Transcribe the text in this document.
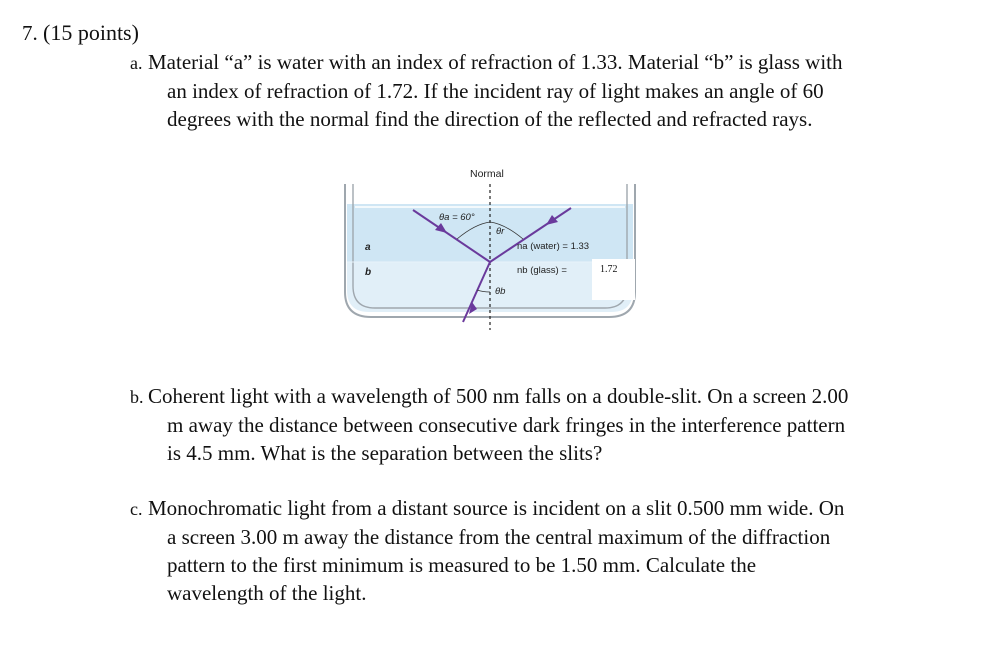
7. (15 points)
a. Material “a” is water with an index of refraction of 1.33. Material “b” is glass with
an index of refraction of 1.72. If the incident ray of light makes an angle of 60
degrees with the normal find the direction of the reflected and refracted rays.
Normal
θa = 60°
θr
θb
a
b
na (water) = 1.33
nb (glass) =	1.72
b. Coherent light with a wavelength of 500 nm falls on a double-slit. On a screen 2.00
m away the distance between consecutive dark fringes in the interference pattern
is 4.5 mm. What is the separation between the slits?
c. Monochromatic light from a distant source is incident on a slit 0.500 mm wide. On
a screen 3.00 m away the distance from the central maximum of the diffraction
pattern to the first minimum is measured to be 1.50 mm. Calculate the
wavelength of the light.
